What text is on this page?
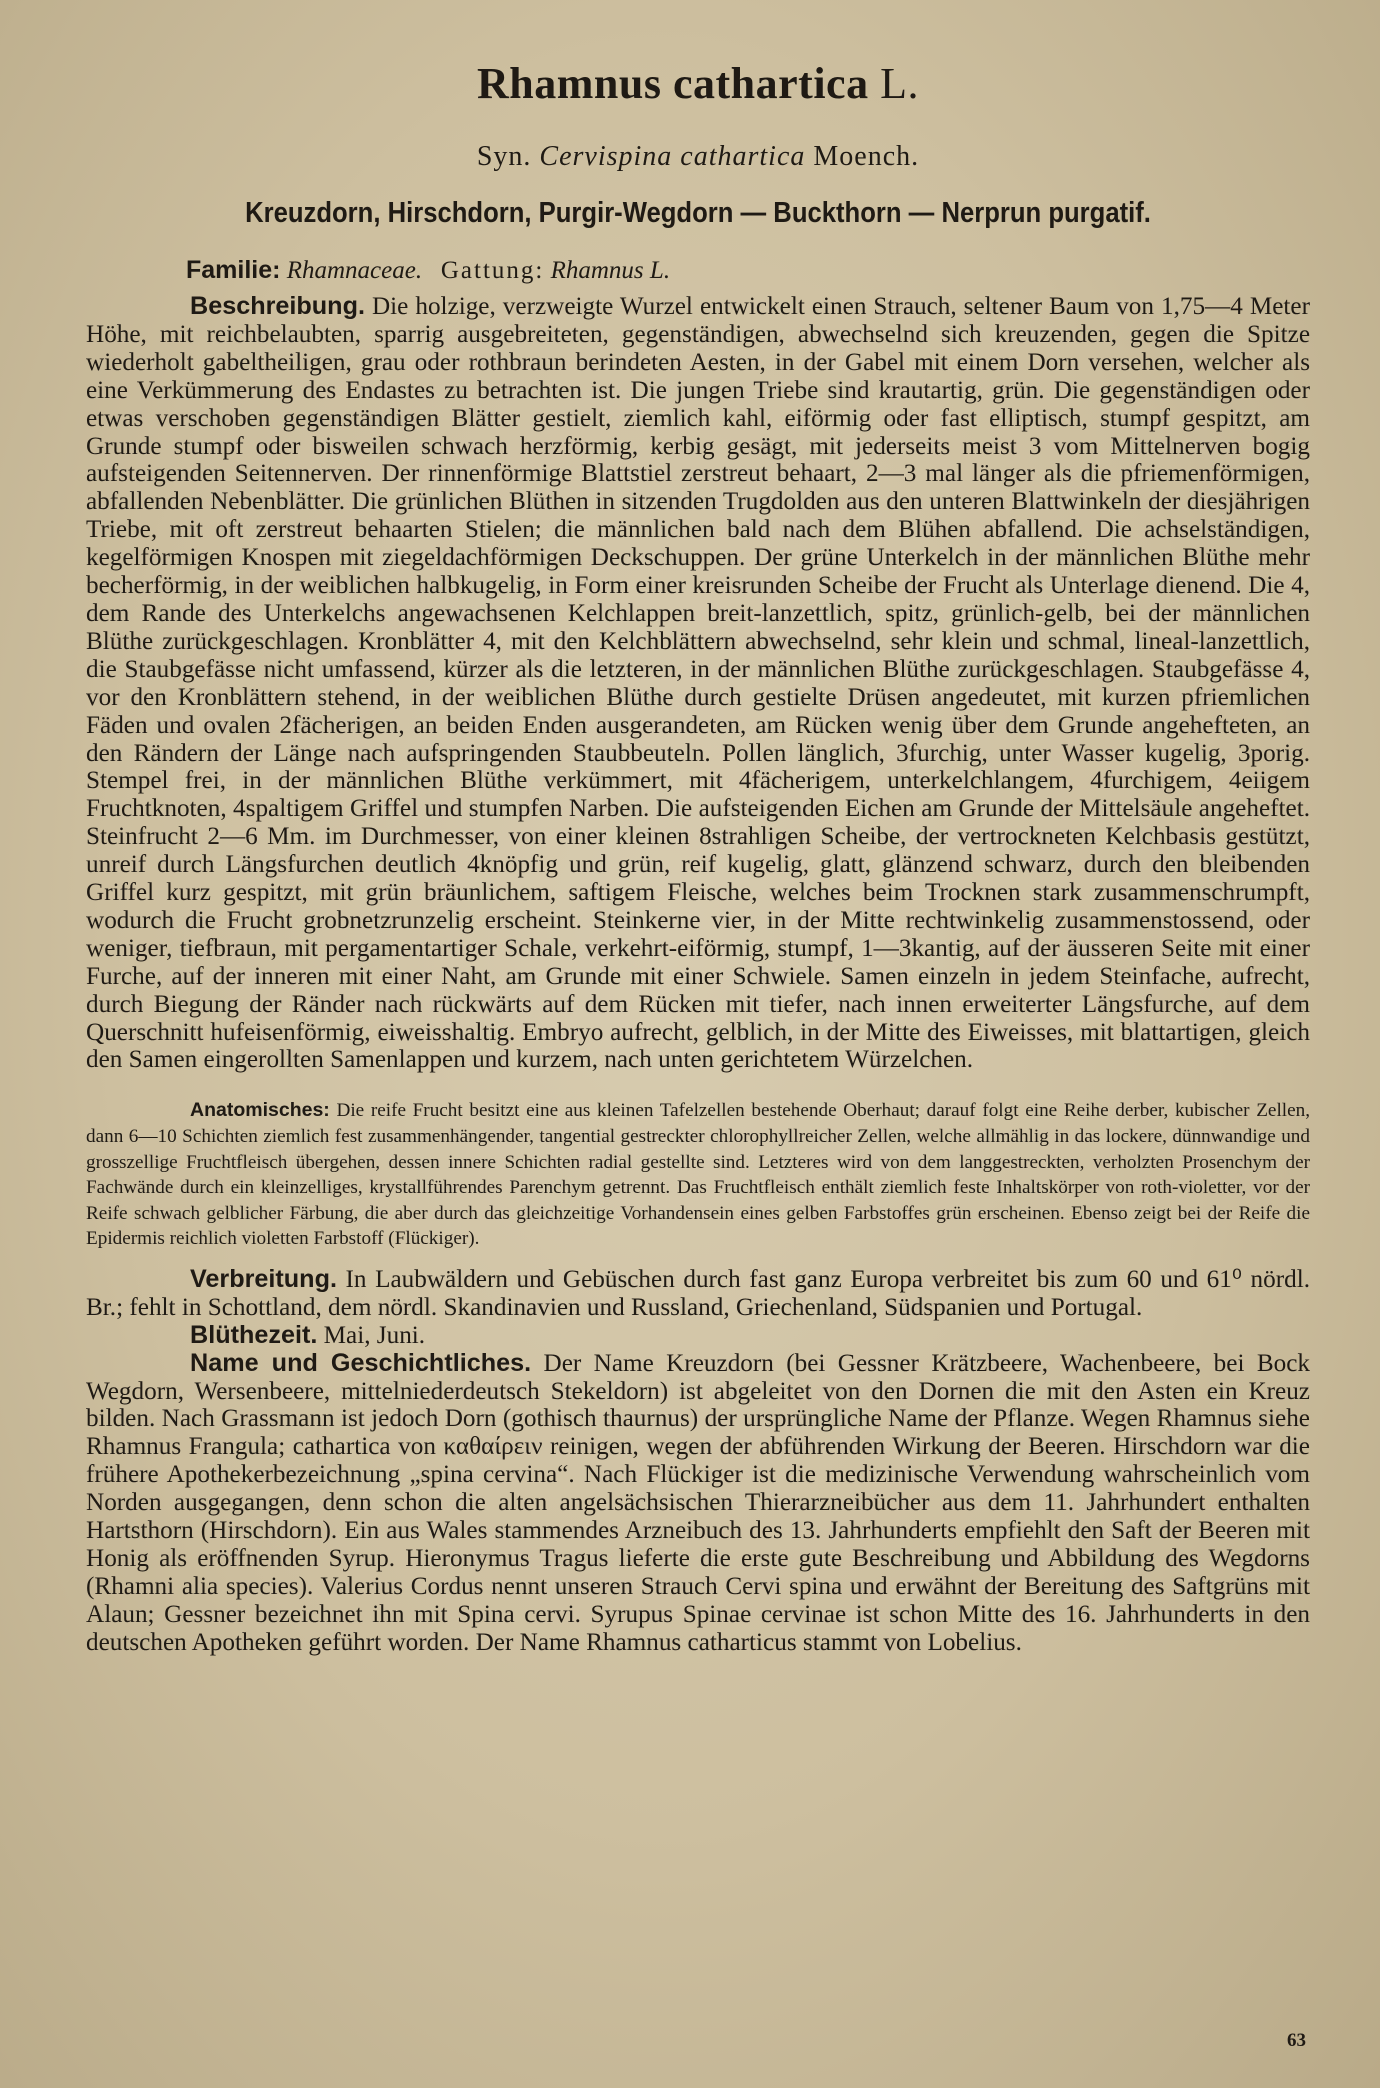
Rhamnus cathartica L.
Syn. Cervispina cathartica Moench.
Kreuzdorn, Hirschdorn, Purgir-Wegdorn — Buckthorn — Nerprun purgatif.
Familie: Rhamnaceae. Gattung: Rhamnus L.

Beschreibung. Die holzige, verzweigte Wurzel entwickelt einen Strauch, seltener Baum von 1,75—4 Meter Höhe, mit reichbelaubten, sparrig ausgebreiteten, gegenständigen, abwechselnd sich kreuzenden, gegen die Spitze wiederholt gabeltheiligen, grau oder rothbraun berindeten Aesten, in der Gabel mit einem Dorn versehen, welcher als eine Verkümmerung des Endastes zu betrachten ist. Die jungen Triebe sind krautartig, grün. Die gegenständigen oder etwas verschoben gegenständigen Blätter gestielt, ziemlich kahl, eiförmig oder fast elliptisch, stumpf gespitzt, am Grunde stumpf oder bisweilen schwach herzförmig, kerbig gesägt, mit jederseits meist 3 vom Mittelnerven bogig aufsteigenden Seitennerven. Der rinnenförmige Blattstiel zerstreut behaart, 2—3 mal länger als die pfriemenförmigen, abfallenden Nebenblätter. Die grünlichen Blüthen in sitzenden Trugdolden aus den unteren Blattwinkeln der diesjährigen Triebe, mit oft zerstreut behaarten Stielen; die männlichen bald nach dem Blühen abfallend. Die achselständigen, kegelförmigen Knospen mit ziegeldachförmigen Deckschuppen. Der grüne Unterkelch in der männlichen Blüthe mehr becherförmig, in der weiblichen halbkugelig, in Form einer kreisrunden Scheibe der Frucht als Unterlage dienend. Die 4, dem Rande des Unterkelchs angewachsenen Kelchlappen breit-lanzettlich, spitz, grünlich-gelb, bei der männlichen Blüthe zurückgeschlagen. Kronblätter 4, mit den Kelchblättern abwechselnd, sehr klein und schmal, lineal-lanzettlich, die Staubgefässe nicht umfassend, kürzer als die letzteren, in der männlichen Blüthe zurückgeschlagen. Staubgefässe 4, vor den Kronblättern stehend, in der weiblichen Blüthe durch gestielte Drüsen angedeutet, mit kurzen pfriemlichen Fäden und ovalen 2fächerigen, an beiden Enden ausgerandeten, am Rücken wenig über dem Grunde angehefteten, an den Rändern der Länge nach aufspringenden Staubbeuteln. Pollen länglich, 3furchig, unter Wasser kugelig, 3porig. Stempel frei, in der männlichen Blüthe verkümmert, mit 4fächerigem, unterkelchlangem, 4furchigem, 4eiigem Fruchtknoten, 4spaltigem Griffel und stumpfen Narben. Die aufsteigenden Eichen am Grunde der Mittelsäule angeheftet. Steinfrucht 2—6 Mm. im Durchmesser, von einer kleinen 8strahligen Scheibe, der vertrockneten Kelchbasis gestützt, unreif durch Längsfurchen deutlich 4knöpfig und grün, reif kugelig, glatt, glänzend schwarz, durch den bleibenden Griffel kurz gespitzt, mit grün bräunlichem, saftigem Fleische, welches beim Trocknen stark zusammenschrumpft, wodurch die Frucht grobnetzrunzelig erscheint. Steinkerne vier, in der Mitte rechtwinkelig zusammenstossend, oder weniger, tiefbraun, mit pergamentartiger Schale, verkehrt-eiförmig, stumpf, 1—3kantig, auf der äusseren Seite mit einer Furche, auf der inneren mit einer Naht, am Grunde mit einer Schwiele. Samen einzeln in jedem Steinfache, aufrecht, durch Biegung der Ränder nach rückwärts auf dem Rücken mit tiefer, nach innen erweiterter Längsfurche, auf dem Querschnitt hufeisenförmig, eiweisshaltig. Embryo aufrecht, gelblich, in der Mitte des Eiweisses, mit blattartigen, gleich den Samen eingerollten Samenlappen und kurzem, nach unten gerichtetem Würzelchen.

Anatomisches: Die reife Frucht besitzt eine aus kleinen Tafelzellen bestehende Oberhaut; darauf folgt eine Reihe derber, kubischer Zellen, dann 6—10 Schichten ziemlich fest zusammenhängender, tangential gestreckter chlorophyllreicher Zellen, welche allmählig in das lockere, dünnwandige und grosszellige Fruchtfleisch übergehen, dessen innere Schichten radial gestellte sind. Letzteres wird von dem langgestreckten, verholzten Prosenchym der Fachwände durch ein kleinzelliges, krystallführendes Parenchym getrennt. Das Fruchtfleisch enthält ziemlich feste Inhaltskörper von roth-violetter, vor der Reife schwach gelblicher Färbung, die aber durch das gleichzeitige Vorhandensein eines gelben Farbstoffes grün erscheinen. Ebenso zeigt bei der Reife die Epidermis reichlich violetten Farbstoff (Flückiger).

Verbreitung. In Laubwäldern und Gebüschen durch fast ganz Europa verbreitet bis zum 60 und 61⁰ nördl. Br.; fehlt in Schottland, dem nördl. Skandinavien und Russland, Griechenland, Südspanien und Portugal.

Blüthezeit. Mai, Juni.

Name und Geschichtliches. Der Name Kreuzdorn (bei Gessner Krätzbeere, Wachenbeere, bei Bock Wegdorn, Wersenbeere, mittelniederdeutsch Stekeldorn) ist abgeleitet von den Dornen die mit den Asten ein Kreuz bilden. Nach Grassmann ist jedoch Dorn (gothisch thaurnus) der ursprüngliche Name der Pflanze. Wegen Rhamnus siehe Rhamnus Frangula; cathartica von καθαίρειν reinigen, wegen der abführenden Wirkung der Beeren. Hirschdorn war die frühere Apothekerbezeichnung „spina cervina“. Nach Flückiger ist die medizinische Verwendung wahrscheinlich vom Norden ausgegangen, denn schon die alten angelsächsischen Thierarzneibücher aus dem 11. Jahrhundert enthalten Hartsthorn (Hirschdorn). Ein aus Wales stammendes Arzneibuch des 13. Jahrhunderts empfiehlt den Saft der Beeren mit Honig als eröffnenden Syrup. Hieronymus Tragus lieferte die erste gute Beschreibung und Abbildung des Wegdorns (Rhamni alia species). Valerius Cordus nennt unseren Strauch Cervi spina und erwähnt der Bereitung des Saftgrüns mit Alaun; Gessner bezeichnet ihn mit Spina cervi. Syrupus Spinae cervinae ist schon Mitte des 16. Jahrhunderts in den deutschen Apotheken geführt worden. Der Name Rhamnus catharticus stammt von Lobelius.

63
